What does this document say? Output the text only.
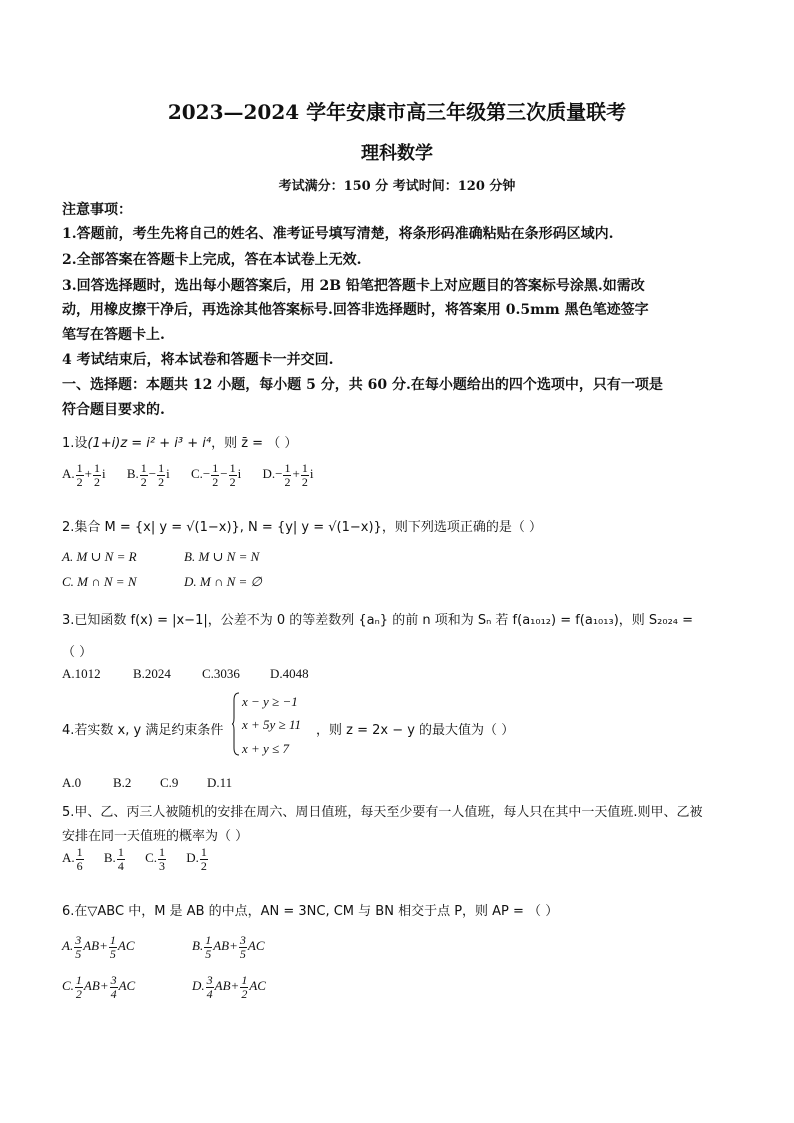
2023—2024 学年安康市高三年级第三次质量联考
理科数学
考试满分：150 分 考试时间：120 分钟
注意事项：
1.答题前，考生先将自己的姓名、准考证号填写清楚，将条形码准确粘贴在条形码区域内.
2.全部答案在答题卡上完成，答在本试卷上无效.
3.回答选择题时，选出每小题答案后，用 2B 铅笔把答题卡上对应题目的答案标号涂黑.如需改
动，用橡皮擦干净后，再选涂其他答案标号.回答非选择题时，将答案用 0.5mm 黑色笔迹签字
笔写在答题卡上.
4 考试结束后，将本试卷和答题卡一并交回.
一、选择题：本题共 12 小题，每小题 5 分，共 60 分.在每小题给出的四个选项中，只有一项是
符合题目要求的.
1.设(1+i)z = i² + i³ + i⁴，则 z̄ = （ ）
A. $\frac{1}{2} + \frac{1}{2}$ i B. $\frac{1}{2} - \frac{1}{2}$ i $C.- \frac{1}{2} - \frac{1}{2}$ i $D.- \frac{1}{2} + \frac{1}{2}$ i
2.集合 M = {x| y = √(1−x)}, N = {y| y = √(1−x)}，则下列选项正确的是（ ）
A. M ∪ N = R	B. M ∪ N = N
C. M ∩ N = N	D. M ∩ N = ∅
3.已知函数 f(x) = |x−1|，公差不为 0 的等差数列 {aₙ} 的前 n 项和为 Sₙ 若 f(a₁₀₁₂) = f(a₁₀₁₃)，则 S₂₀₂₄ =
（ ）
A.1012 B.2024 C.3036 D.4048
4.若实数 x, y 满足约束条件
x − y ≥ −1
x + 5y ≥ 11
x + y ≤ 7
，则 z = 2x − y 的最大值为（ ）
A.0 B.2 C.9 D.11
5.甲、乙、丙三人被随机的安排在周六、周日值班，每天至少要有一人值班，每人只在其中一天值班.则甲、乙被
安排在同一天值班的概率为（ ）
A. $\frac{1}{6} B$. $\frac{1}{4} C$. $\frac{1}{3} D$. $\frac{1}{2}$
6.在▽ABC 中，M 是 AB 的中点，AN = 3NC, CM 与 BN 相交于点 P，则 AP = （ ）
A. $\frac{3}{5} AB+ \frac{1}{5}$ AC	B. $\frac{1}{5} AB+ \frac{3}{5}$ AC
C. $\frac{1}{2} AB+ \frac{3}{4}$ AC	D. $\frac{3}{4} AB+ \frac{1}{2}$ AC
